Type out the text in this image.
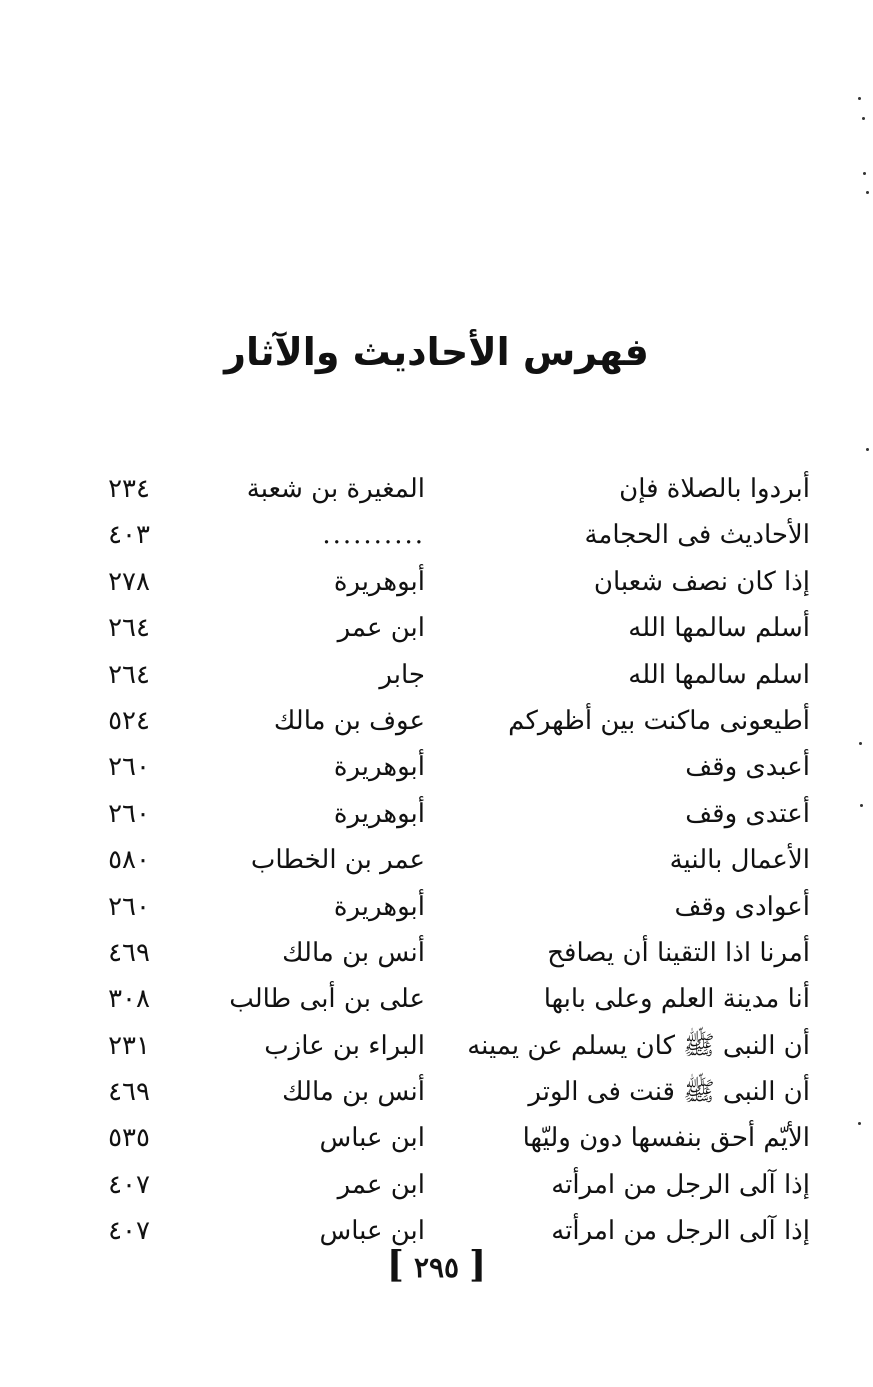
فهرس الأحاديث والآثار
أبردوا بالصلاة فإن
المغيرة بن شعبة
٢٣٤
الأحاديث فى الحجامة
..........
٤٠٣
إذا كان نصف شعبان
أبوهريرة
٢٧٨
أسلم سالمها الله
ابن عمر
٢٦٤
اسلم سالمها الله
جابر
٢٦٤
أطيعونى ماكنت بين أظهركم
عوف بن مالك
٥٢٤
أعبدى وقف
أبوهريرة
٢٦٠
أعتدى وقف
أبوهريرة
٢٦٠
الأعمال بالنية
عمر بن الخطاب
٥٨٠
أعوادى وقف
أبوهريرة
٢٦٠
أمرنا اذا التقينا أن يصافح
أنس بن مالك
٤٦٩
أنا مدينة العلم وعلى بابها
على بن أبى طالب
٣٠٨
أن النبى ﷺ كان يسلم عن يمينه
البراء بن عازب
٢٣١
أن النبى ﷺ قنت فى الوتر
أنس بن مالك
٤٦٩
الأيّم أحق بنفسها دون وليّها
ابن عباس
٥٣٥
إذا آلى الرجل من امرأته
ابن عمر
٤٠٧
إذا آلى الرجل من امرأته
ابن عباس
٤٠٧
[٢٩٥]
